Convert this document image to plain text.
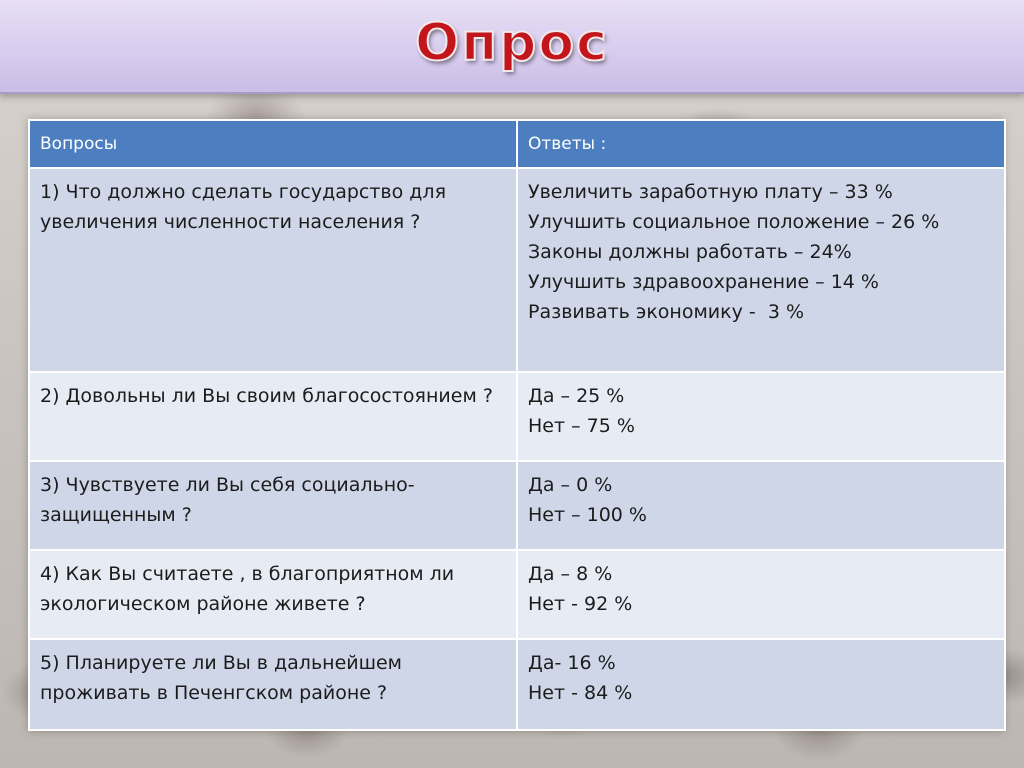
Опрос
Вопросы	Ответы :
1) Что должно сделать государство для увеличения численности населения ?	Увеличить заработную плату – 33 %
Улучшить социальное положение – 26 %
Законы должны работать – 24%
Улучшить здравоохранение – 14 %
Развивать экономику -  3 %

2) Довольны ли Вы своим благосостоянием ?	Да – 25 %
Нет – 75 %

3) Чувствуете ли Вы себя социально-защищенным ?	Да – 0 %
Нет – 100 %

4) Как Вы считаете , в благоприятном ли экологическом районе живете ?	Да – 8 %
Нет - 92 %

5) Планируете ли Вы в дальнейшем проживать в Печенгском районе ?	Да- 16 %
Нет - 84 %
